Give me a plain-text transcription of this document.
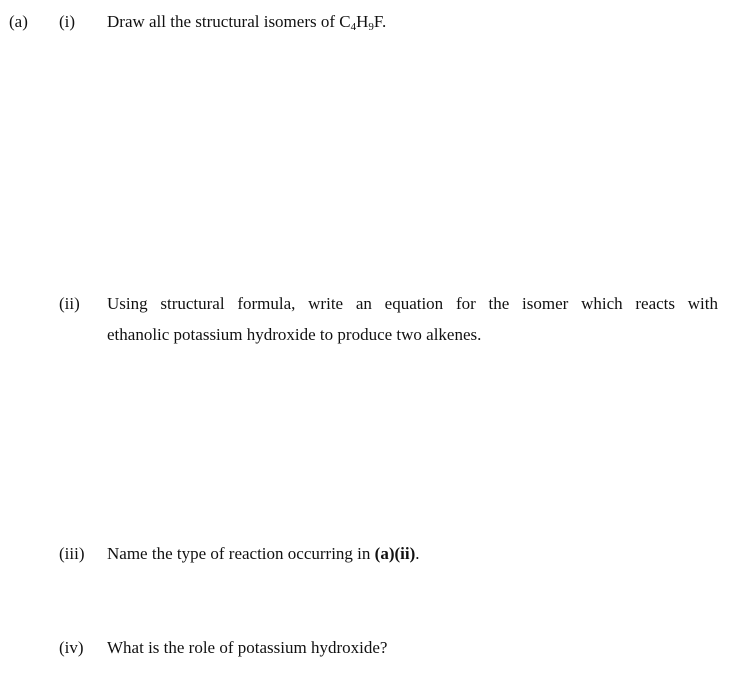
(a) (i) Draw all the structural isomers of $C_4H_9F$.
(ii) Using structural formula, write an equation for the isomer which reacts with
ethanolic potassium hydroxide to produce two alkenes.
(iii) Name the type of reaction occurring in (a)(ii).
(iv) What is the role of potassium hydroxide?
